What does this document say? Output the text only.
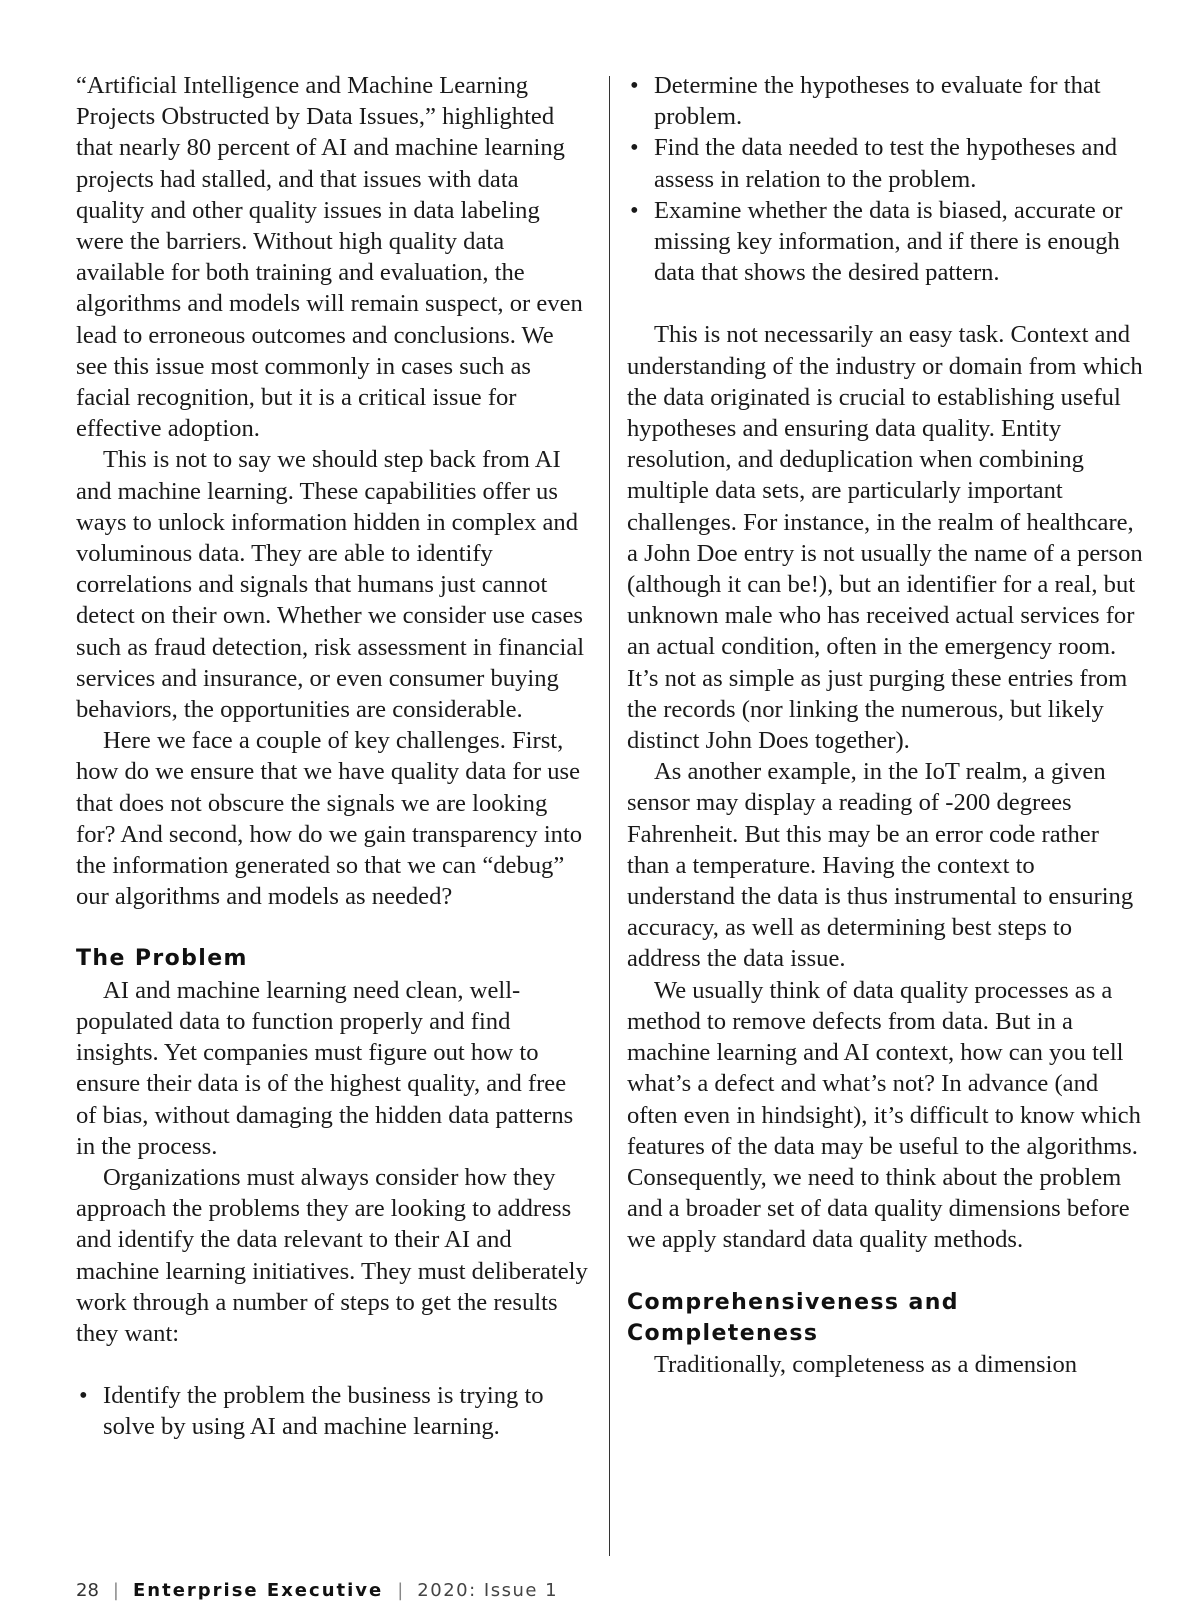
“Artificial Intelligence and Machine Learning Projects Obstructed by Data Issues,” highlighted that nearly 80 percent of AI and machine learning projects had stalled, and that issues with data quality and other quality issues in data labeling were the barriers. Without high quality data available for both training and evaluation, the algorithms and models will remain suspect, or even lead to erroneous outcomes and conclusions. We see this issue most commonly in cases such as facial recognition, but it is a critical issue for effective adoption.

This is not to say we should step back from AI and machine learning. These capabilities offer us ways to unlock information hidden in complex and voluminous data. They are able to identify correlations and signals that humans just cannot detect on their own. Whether we consider use cases such as fraud detection, risk assessment in financial services and insurance, or even consumer buying behaviors, the opportunities are considerable.

Here we face a couple of key challenges. First, how do we ensure that we have quality data for use that does not obscure the signals we are looking for? And second, how do we gain transparency into the information generated so that we can “debug” our algorithms and models as needed?

The Problem

AI and machine learning need clean, well-populated data to function properly and find insights. Yet companies must figure out how to ensure their data is of the highest quality, and free of bias, without damaging the hidden data patterns in the process.

Organizations must always consider how they approach the problems they are looking to address and identify the data relevant to their AI and machine learning initiatives. They must deliberately work through a number of steps to get the results they want:

• Identify the problem the business is trying to solve by using AI and machine learning.
• Determine the hypotheses to evaluate for that problem.
• Find the data needed to test the hypotheses and assess in relation to the problem.
• Examine whether the data is biased, accurate or missing key information, and if there is enough data that shows the desired pattern.

This is not necessarily an easy task. Context and understanding of the industry or domain from which the data originated is crucial to establishing useful hypotheses and ensuring data quality. Entity resolution, and deduplication when combining multiple data sets, are particularly important challenges. For instance, in the realm of healthcare, a John Doe entry is not usually the name of a person (although it can be!), but an identifier for a real, but unknown male who has received actual services for an actual condition, often in the emergency room. It’s not as simple as just purging these entries from the records (nor linking the numerous, but likely distinct John Does together).

As another example, in the IoT realm, a given sensor may display a reading of -200 degrees Fahrenheit. But this may be an error code rather than a temperature. Having the context to understand the data is thus instrumental to ensuring accuracy, as well as determining best steps to address the data issue.

We usually think of data quality processes as a method to remove defects from data. But in a machine learning and AI context, how can you tell what’s a defect and what’s not? In advance (and often even in hindsight), it’s difficult to know which features of the data may be useful to the algorithms. Consequently, we need to think about the problem and a broader set of data quality dimensions before we apply standard data quality methods.

Comprehensiveness and Completeness

Traditionally, completeness as a dimension

28 | Enterprise Executive | 2020: Issue 1
